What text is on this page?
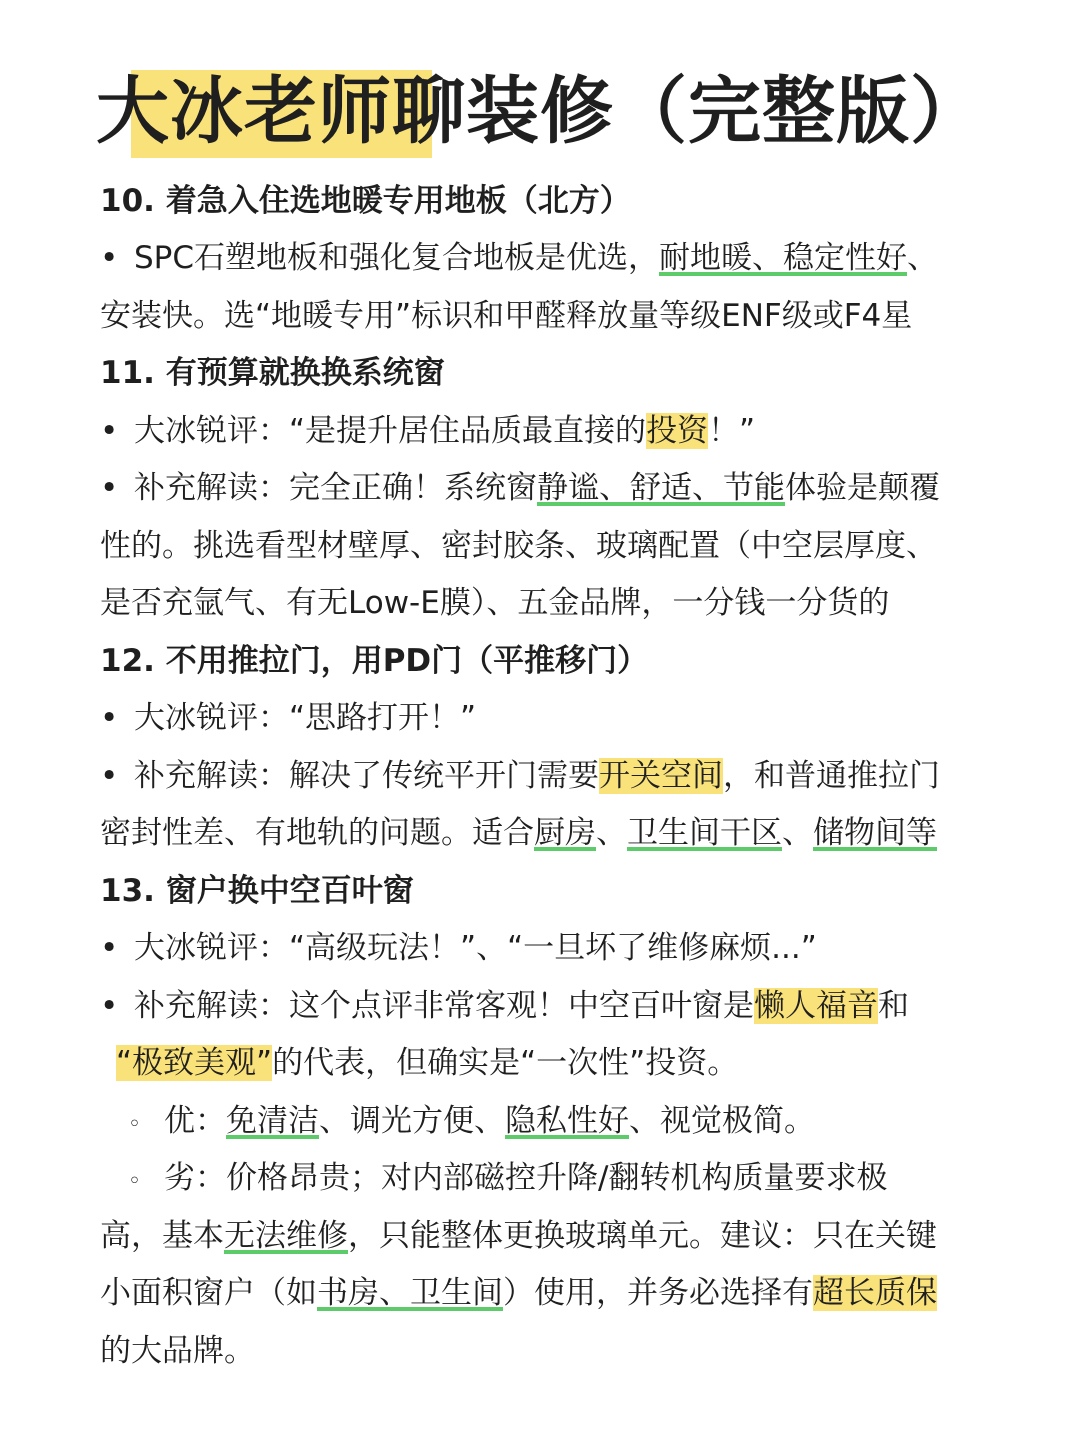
大冰老师聊装修（完整版）
10. 着急入住选地暖专用地板（北方）
• SPC石塑地板和强化复合地板是优选，耐地暖、稳定性好、
安装快。选“地暖专用”标识和甲醛释放量等级ENF级或F4星
11. 有预算就换换系统窗
• 大冰锐评：“是提升居住品质最直接的投资！”
• 补充解读：完全正确！系统窗静谧、舒适、节能体验是颠覆
性的。挑选看型材壁厚、密封胶条、玻璃配置（中空层厚度、
是否充氩气、有无Low-E膜）、五金品牌，一分钱一分货的
12. 不用推拉门，用PD门（平推移门）
• 大冰锐评：“思路打开！”
• 补充解读：解决了传统平开门需要开关空间，和普通推拉门
密封性差、有地轨的问题。适合厨房、卫生间干区、储物间等
13. 窗户换中空百叶窗
• 大冰锐评：“高级玩法！”、“一旦坏了维修麻烦...”
• 补充解读：这个点评非常客观！中空百叶窗是懒人福音和
“极致美观”的代表，但确实是“一次性”投资。
◦ 优：免清洁、调光方便、隐私性好、视觉极简。
◦ 劣：价格昂贵；对内部磁控升降/翻转机构质量要求极
高，基本无法维修，只能整体更换玻璃单元。建议：只在关键
小面积窗户（如书房、卫生间）使用，并务必选择有超长质保
的大品牌。
